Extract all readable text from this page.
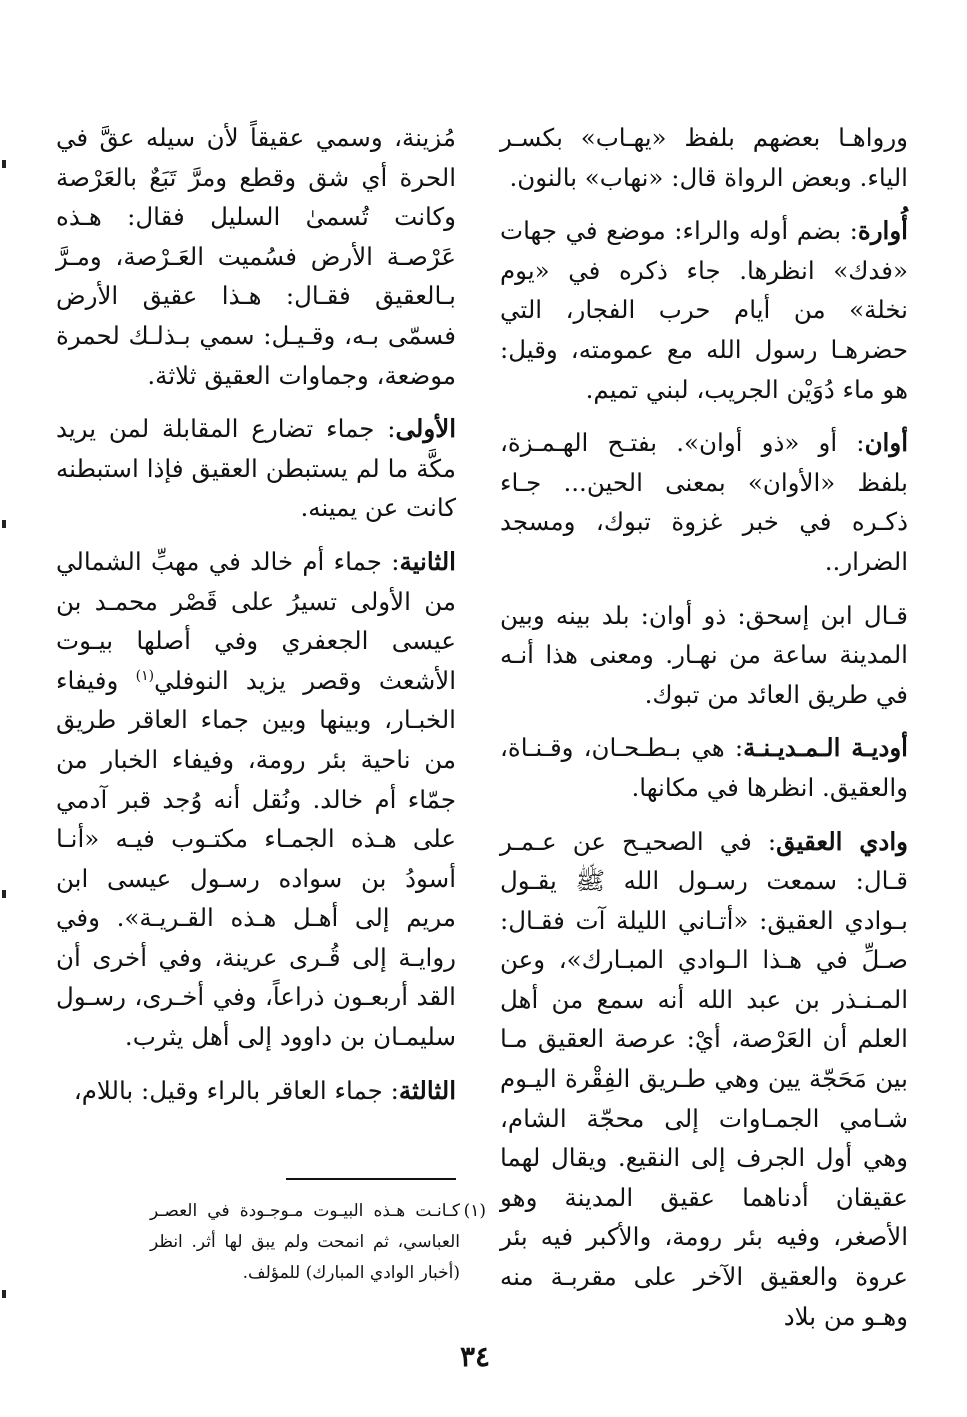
ورواهـا بعضهم بلفظ «يهـاب» بكسـر الياء. وبعض الرواة قال: «نهاب» بالنون.

أُوارة: بضم أوله والراء: موضع في جهات «فدك» انظرها. جاء ذكره في «يوم نخلة» من أيام حرب الفجار، التي حضرهـا رسول الله مع عمومته، وقيل: هو ماء دُوَيْن الجريب، لبني تميم.

أوان: أو «ذو أوان». بفتـح الهـمـزة، بلفظ «الأوان» بمعنى الحين... جـاء ذكـره في خبر غزوة تبوك، ومسجد الضرار..

قـال ابن إسحق: ذو أوان: بلد بينه وبين المدينة ساعة من نهـار. ومعنى هذا أنـه في طريق العائد من تبوك.

أوديـة الـمـديـنـة: هي بـطـحـان، وقـنـاة، والعقيق. انظرها في مكانها.

وادي العقيق: في الصحيـح عن عـمـر قـال: سمعت رسـول الله ﷺ يقـول بـوادي العقيق: «أتـاني الليلة آت فقـال: صـلِّ في هـذا الـوادي المبـارك»، وعن المـنـذر بن عبد الله أنه سمع من أهل العلم أن العَرْصة، أيْ: عرصة العقيق مـا بين مَحَجّة يين وهي طـريق الفِقْرة اليـوم شـامي الجمـاوات إلى محجّة الشام، وهي أول الجرف إلى النقيع. ويقال لهما عقيقان أدناهما عقيق المدينة وهو الأصغر، وفيه بئر رومة، والأكبر فيه بئر عروة والعقيق الآخر على مقربـة منه وهـو من بلاد

مُزينة، وسمي عقيقاً لأن سيله عقَّ في الحرة أي شق وقطع ومرَّ تَبَعٌ بالعَرْصة وكانت تُسمىٰ السليل فقال: هـذه عَرْصـة الأرض فسُميت العَـرْصة، ومـرَّ بـالعقيق فقـال: هـذا عقيق الأرض فسمّى بـه، وقـيـل: سمي بـذلـك لحمرة موضعة، وجماوات العقيق ثلاثة.

الأولى: جماء تضارع المقابلة لمن يريد مكَّة ما لم يستبطن العقيق فإذا استبطنه كانت عن يمينه.

الثانية: جماء أم خالد في مهبِّ الشمالي من الأولى تسيرُ على قَصْر محمـد بن عيسى الجعفري وفي أصلها بيـوت الأشعث وقصر يزيد النوفلي$^{(١)}$ وفيفاء الخبـار، وبينها وبين جماء العاقر طريق من ناحية بئر رومة، وفيفاء الخبار من جمّاء أم خالد. ونُقل أنه وُجد قبر آدمي على هـذه الجمـاء مكتـوب فيـه «أنـا أسودُ بن سواده رسـول عيسى ابن مريم إلى أهـل هـذه القـريـة». وفي روايـة إلى قُـرى عرينة، وفي أخرى أن القد أربعـون ذراعاً، وفي أخـرى، رسـول سليمـان بن داوود إلى أهل يثرب.

الثالثة: جماء العاقر بالراء وقيل: باللام،

(١)
كـانـت هـذه البيـوت مـوجـودة في العصـر العباسي، ثم انمحت ولم يبق لها أثر. انظر (أخبار الوادي المبارك) للمؤلف.
٣٤
